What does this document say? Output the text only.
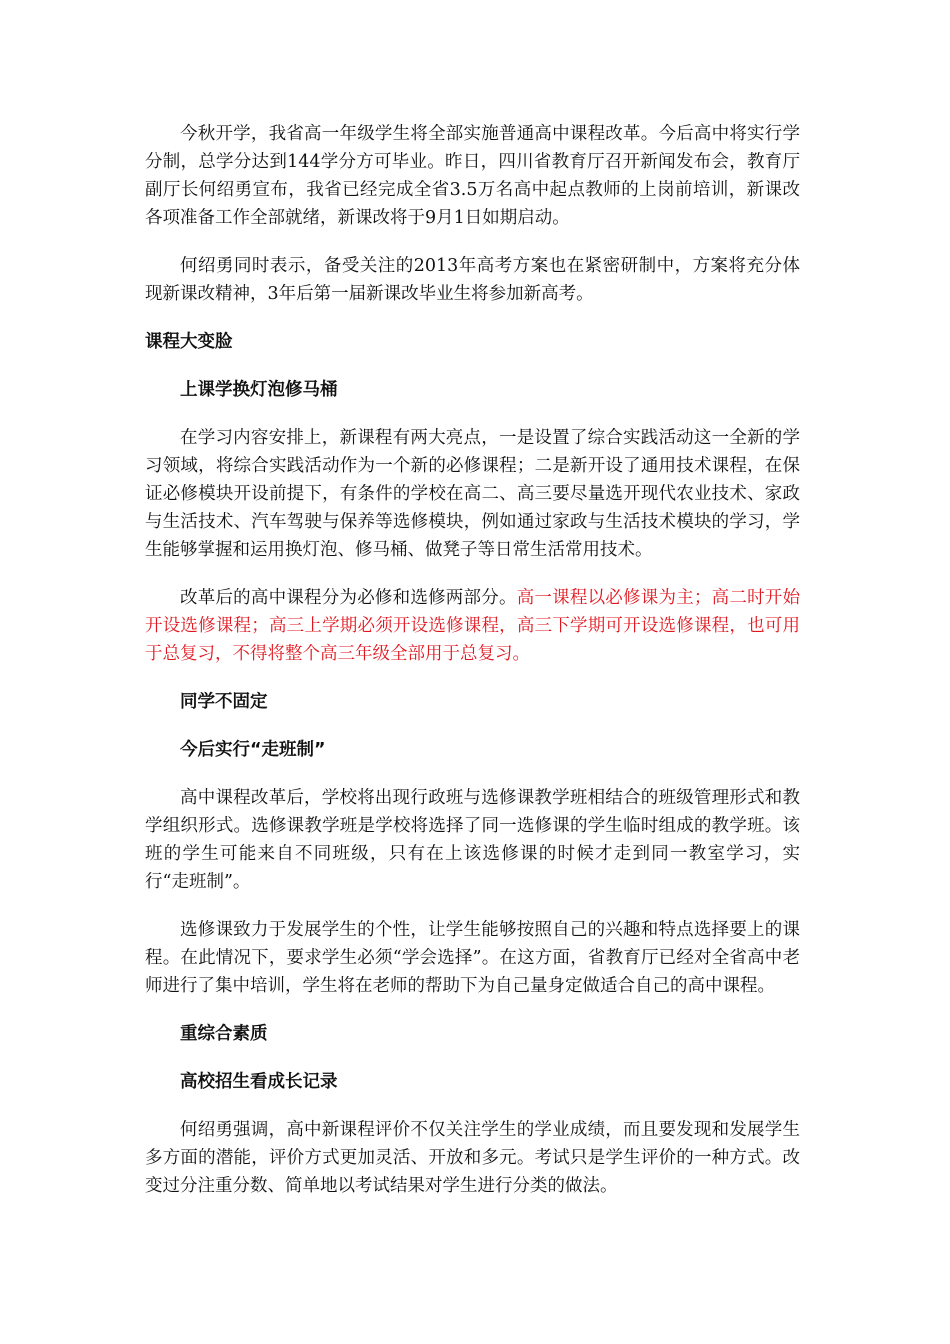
今秋开学，我省高一年级学生将全部实施普通高中课程改革。今后高中将实行学分制，总学分达到144学分方可毕业。昨日，四川省教育厅召开新闻发布会，教育厅副厅长何绍勇宣布，我省已经完成全省3.5万名高中起点教师的上岗前培训，新课改各项准备工作全部就绪，新课改将于9月1日如期启动。

何绍勇同时表示，备受关注的2013年高考方案也在紧密研制中，方案将充分体现新课改精神，3年后第一届新课改毕业生将参加新高考。

课程大变脸

上课学换灯泡修马桶

在学习内容安排上，新课程有两大亮点，一是设置了综合实践活动这一全新的学习领域，将综合实践活动作为一个新的必修课程；二是新开设了通用技术课程，在保证必修模块开设前提下，有条件的学校在高二、高三要尽量选开现代农业技术、家政与生活技术、汽车驾驶与保养等选修模块，例如通过家政与生活技术模块的学习，学生能够掌握和运用换灯泡、修马桶、做凳子等日常生活常用技术。

改革后的高中课程分为必修和选修两部分。高一课程以必修课为主；高二时开始开设选修课程；高三上学期必须开设选修课程，高三下学期可开设选修课程，也可用于总复习，不得将整个高三年级全部用于总复习。

同学不固定

今后实行“走班制”

高中课程改革后，学校将出现行政班与选修课教学班相结合的班级管理形式和教学组织形式。选修课教学班是学校将选择了同一选修课的学生临时组成的教学班。该班的学生可能来自不同班级，只有在上该选修课的时候才走到同一教室学习，实行“走班制”。

选修课致力于发展学生的个性，让学生能够按照自己的兴趣和特点选择要上的课程。在此情况下，要求学生必须“学会选择”。在这方面，省教育厅已经对全省高中老师进行了集中培训，学生将在老师的帮助下为自己量身定做适合自己的高中课程。

重综合素质

高校招生看成长记录

何绍勇强调，高中新课程评价不仅关注学生的学业成绩，而且要发现和发展学生多方面的潜能，评价方式更加灵活、开放和多元。考试只是学生评价的一种方式。改变过分注重分数、简单地以考试结果对学生进行分类的做法。
